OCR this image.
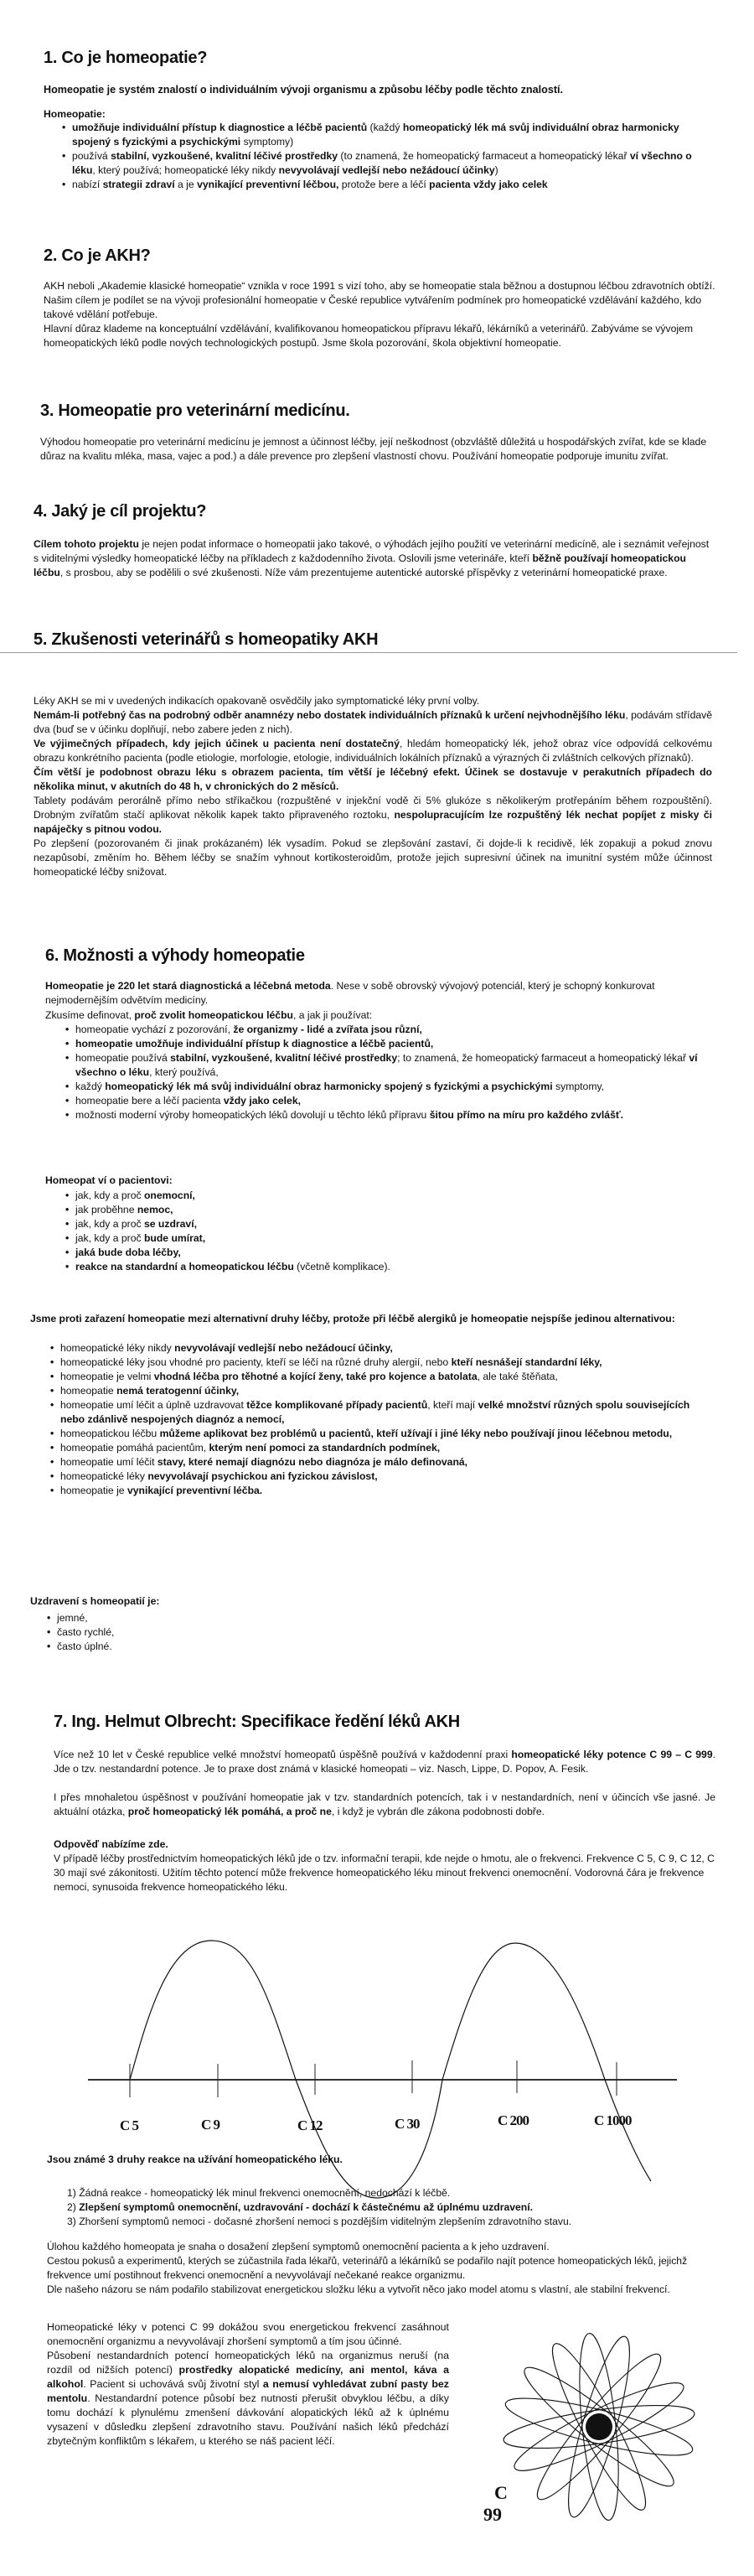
1. Co je homeopatie?

Homeopatie je systém znalostí o individuálním vývoji organismu a způsobu léčby podle těchto znalostí.

Homeopatie:

• umožňuje individuální přístup k diagnostice a léčbě pacientů (každý homeopatický lék má svůj individuální obraz harmonicky spojený s fyzickými a psychickými symptomy)
• používá stabilní, vyzkoušené, kvalitní léčivé prostředky (to znamená, že homeopatický farmaceut a homeopatický lékař ví všechno o léku, který používá; homeopatické léky nikdy nevyvolávají vedlejší nebo nežádoucí účinky)
• nabízí strategii zdraví a je vynikající preventivní léčbou, protože bere a léčí pacienta vždy jako celek
2. Co je AKH?

AKH neboli „Akademie klasické homeopatie“ vznikla v roce 1991 s vizí toho, aby se homeopatie stala běžnou a dostupnou léčbou zdravotních obtíží. Našim cílem je podílet se na vývoji profesionální homeopatie v České republice vytvářením podmínek pro homeopatické vzdělávání každého, kdo takové vdělání potřebuje.

Hlavní důraz klademe na konceptuální vzdělávání, kvalifikovanou homeopatickou přípravu lékařů, lékárníků a veterinářů. Zabýváme se vývojem homeopatických léků podle nových technologických postupů. Jsme škola pozorování, škola objektivní homeopatie.

3. Homeopatie pro veterinární medicínu.

Výhodou homeopatie pro veterinární medicínu je jemnost a účinnost léčby, její neškodnost (obzvláště důležitá u hospodářských zvířat, kde se klade důraz na kvalitu mléka, masa, vajec a pod.) a dále prevence pro zlepšení vlastností chovu. Používání homeopatie podporuje imunitu zvířat.

4. Jaký je cíl projektu?

Cílem tohoto projektu je nejen podat informace o homeopatii jako takové, o výhodách jejího použití ve veterinární medicíně, ale i seznámit veřejnost s viditelnými výsledky homeopatické léčby na příkladech z každodenního života. Oslovili jsme veterináře, kteří běžně používají homeopatickou léčbu, s prosbou, aby se podělili o své zkušenosti. Níže vám prezentujeme autentické autorské příspěvky z veterinární homeopatické praxe.

5. Zkušenosti veterinářů s homeopatiky AKH

Léky AKH se mi v uvedených indikacích opakovaně osvědčily jako symptomatické léky první volby.

Nemám-li potřebný čas na podrobný odběr anamnézy nebo dostatek individuálních příznaků k určení nejvhodnějšího léku, podávám střídavě dva (buď se v účinku doplňují, nebo zabere jeden z nich).

Ve výjimečných případech, kdy jejich účinek u pacienta není dostatečný, hledám homeopatický lék, jehož obraz více odpovídá celkovému obrazu konkrétního pacienta (podle etiologie, morfologie, etologie, individuálních lokálních příznaků a výrazných či zvláštních celkových příznaků).

Čím větší je podobnost obrazu léku s obrazem pacienta, tím větší je léčebný efekt. Účinek se dostavuje v perakutních případech do několika minut, v akutních do 48 h, v chronických do 2 měsíců.

Tablety podávám perorálně přímo nebo stříkačkou (rozpuštěné v injekční vodě či 5% glukóze s několikerým protřepáním během rozpouštění). Drobným zvířatům stačí aplikovat několik kapek takto připraveného roztoku, nespolupracujícím lze rozpuštěný lék nechat popíjet z misky či napáječky s pitnou vodou.

Po zlepšení (pozorovaném či jinak prokázaném) lék vysadím. Pokud se zlepšování zastaví, či dojde-li k recidivě, lék zopakuji a pokud znovu nezapůsobí, změním ho. Během léčby se snažím vyhnout kortikosteroidům, protože jejich supresivní účinek na imunitní systém může účinnost homeopatické léčby snižovat.

6. Možnosti a výhody homeopatie

Homeopatie je 220 let stará diagnostická a léčebná metoda. Nese v sobě obrovský vývojový potenciál, který je schopný konkurovat nejmodernějším odvětvím medicíny.

Zkusíme definovat, proč zvolit homeopatickou léčbu, a jak ji používat:

• homeopatie vychází z pozorování, že organizmy - lidé a zvířata jsou různí,
• homeopatie umožňuje individuální přístup k diagnostice a léčbě pacientů,
• homeopatie používá stabilní, vyzkoušené, kvalitní léčivé prostředky; to znamená, že homeopatický farmaceut a homeopatický lékař ví všechno o léku, který používá,
• každý homeopatický lék má svůj individuální obraz harmonicky spojený s fyzickými a psychickými symptomy,
• homeopatie bere a léčí pacienta vždy jako celek,
• možnosti moderní výroby homeopatických léků dovolují u těchto léků přípravu šitou přímo na míru pro každého zvlášť.

Homeopat ví o pacientovi:

• jak, kdy a proč onemocní,
• jak proběhne nemoc,
• jak, kdy a proč se uzdraví,
• jak, kdy a proč bude umírat,
• jaká bude doba léčby,
• reakce na standardní a homeopatickou léčbu (včetně komplikace).

Jsme proti zařazení homeopatie mezi alternativní druhy léčby, protože při léčbě alergiků je homeopatie nejspíše jedinou alternativou:

• homeopatické léky nikdy nevyvolávají vedlejší nebo nežádoucí účinky,
• homeopatické léky jsou vhodné pro pacienty, kteří se léčí na různé druhy alergií, nebo kteří nesnášejí standardní léky,
• homeopatie je velmi vhodná léčba pro těhotné a kojící ženy, také pro kojence a batolata, ale také štěňata,
• homeopatie nemá teratogenní účinky,
• homeopatie umí léčit a úplně uzdravovat těžce komplikované případy pacientů, kteří mají velké množství různých spolu souvisejících nebo zdánlivě nespojených diagnóz a nemocí,
• homeopatickou léčbu můžeme aplikovat bez problémů u pacientů, kteří užívají i jiné léky nebo používají jinou léčebnou metodu,
• homeopatie pomáhá pacientům, kterým není pomoci za standardních podmínek,
• homeopatie umí léčit stavy, které nemají diagnózu nebo diagnóza je málo definovaná,
• homeopatické léky nevyvolávají psychickou ani fyzickou závislost,
• homeopatie je vynikající preventivní léčba.

Uzdravení s homeopatií je:

• jemné,
• často rychlé,
• často úplné.
7. Ing. Helmut Olbrecht: Specifikace ředění léků AKH

Více než 10 let v České republice velké množství homeopatů úspěšně používá v každodenní praxi homeopatické léky potence C 99 – C 999. Jde o tzv. nestandardní potence. Je to praxe dost známá v klasické homeopati – viz. Nasch, Lippe, D. Popov, A. Fesik.

I přes mnohaletou úspěšnost v používání homeopatie jak v tzv. standardních potencích, tak i v nestandardních, není v účincích vše jasné. Je aktuální otázka, proč homeopatický lék pomáhá, a proč ne, i když je vybrán dle zákona podobnosti dobře.

Odpověď nabízíme zde.

V případě léčby prostřednictvím homeopatických léků jde o tzv. informační terapii, kde nejde o hmotu, ale o frekvenci. Frekvence C 5, C 9, C 12, C 30 mají své zákonitosti. Užitím těchto potencí může frekvence homeopatického léku minout frekvenci onemocnění. Vodorovná čára je frekvence nemoci, synusoida frekvence homeopatického léku.

C 5	C 9	C 12	C 30	C 200	C 1000

Jsou známé 3 druhy reakce na užívání homeopatického léku.

1) Žádná reakce - homeopatický lék minul frekvenci onemocnění, nedochází k léčbě.
2) Zlepšení symptomů onemocnění, uzdravování - dochází k částečnému až úplnému uzdravení.
3) Zhoršení symptomů nemoci - dočasné zhoršení nemoci s pozdějším viditelným zlepšením zdravotního stavu.

Úlohou každého homeopata je snaha o dosažení zlepšení symptomů onemocnění pacienta a k jeho uzdravení.

Cestou pokusů a experimentů, kterých se zúčastnila řada lékařů, veterinářů a lékárníků se podařilo najít potence homeopatických léků, jejichž frekvence umí postihnout frekvenci onemocnění a nevyvolávají nečekané reakce organizmu.

Dle našeho názoru se nám podařilo stabilizovat energetickou složku léku a vytvořit něco jako model atomu s vlastní, ale stabilní frekvencí.

Homeopatické léky v potenci C 99 dokážou svou energetickou frekvencí zasáhnout onemocnění organizmu a nevyvolávají zhoršení symptomů a tím jsou účinné.

Působení nestandardních potencí homeopatických léků na organizmus neruší (na rozdíl od nižších potencí) prostředky alopatické medicíny, ani mentol, káva a alkohol. Pacient si uchovává svůj životní styl a nemusí vyhledávat zubní pasty bez mentolu. Nestandardní potence působí bez nutnosti přerušit obvyklou léčbu, a díky tomu dochází k plynulému zmenšení dávkování alopatických léků až k úplnému vysazení v důsledku zlepšení zdravotního stavu. Používání našich léků předchází zbytečným konfliktům s lékařem, u kterého se náš pacient léčí.

C
99
